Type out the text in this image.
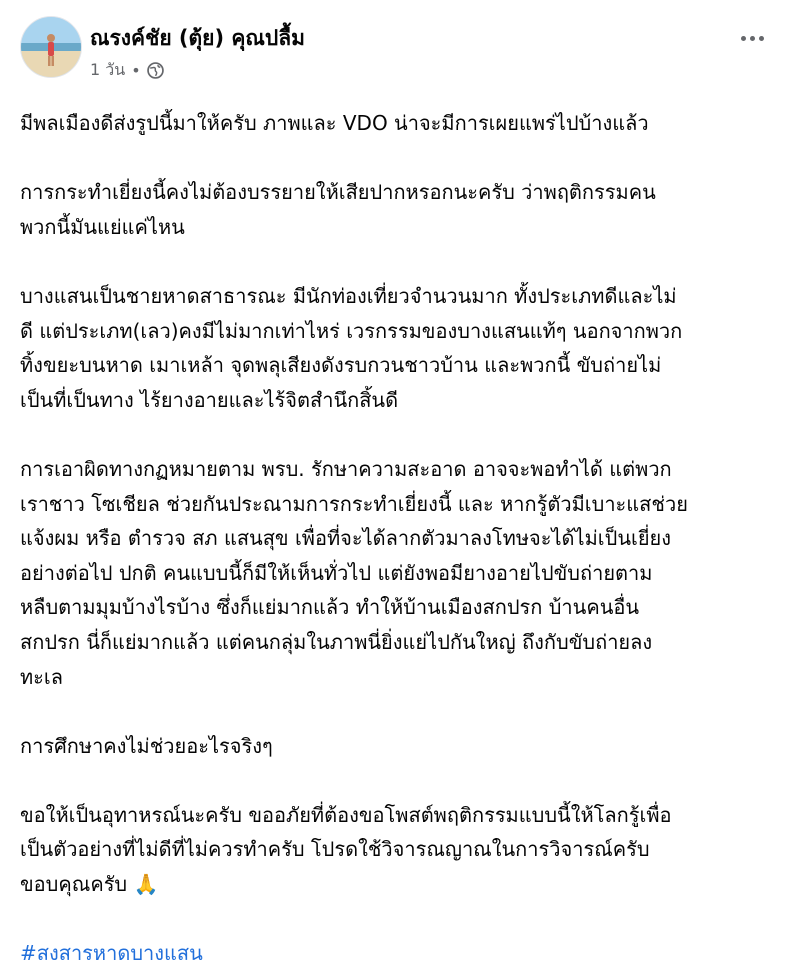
ณรงค์ชัย (ตุ้ย) คุณปลื้ม
1 วัน •

มีพลเมืองดีส่งรูปนี้มาให้ครับ ภาพและ VDO น่าจะมีการเผยแพร่ไปบ้างแล้ว

การกระทำเยี่ยงนี้คงไม่ต้องบรรยายให้เสียปากหรอกนะครับ ว่าพฤติกรรมคน
พวกนี้มันแย่แค่ไหน

บางแสนเป็นชายหาดสาธารณะ มีนักท่องเที่ยวจำนวนมาก ทั้งประเภทดีและไม่
ดี แต่ประเภท(เลว)คงมีไม่มากเท่าไหร่ เวรกรรมของบางแสนแท้ๆ นอกจากพวก
ทิ้งขยะบนหาด เมาเหล้า จุดพลุเสียงดังรบกวนชาวบ้าน และพวกนี้ ขับถ่ายไม่
เป็นที่เป็นทาง ไร้ยางอายและไร้จิตสำนึกสิ้นดี

การเอาผิดทางกฏหมายตาม พรบ. รักษาความสะอาด อาจจะพอทำได้ แต่พวก
เราชาว โซเชียล ช่วยกันประณามการกระทำเยี่ยงนี้ และ หากรู้ตัวมีเบาะแสช่วย
แจ้งผม หรือ ตำรวจ สภ แสนสุข เพื่อที่จะได้ลากตัวมาลงโทษจะได้ไม่เป็นเยี่ยง
อย่างต่อไป ปกติ คนแบบนี้ก็มีให้เห็นทั่วไป แต่ยังพอมียางอายไปขับถ่ายตาม
หลืบตามมุมบ้างไรบ้าง ซึ่งก็แย่มากแล้ว ทำให้บ้านเมืองสกปรก บ้านคนอื่น
สกปรก นี่ก็แย่มากแล้ว แต่คนกลุ่มในภาพนี่ยิ่งแย่ไปกันใหญ่ ถึงกับขับถ่ายลง
ทะเล

การศึกษาคงไม่ช่วยอะไรจริงๆ

ขอให้เป็นอุทาหรณ์นะครับ ขออภัยที่ต้องขอโพสต์พฤติกรรมแบบนี้ให้โลกรู้เพื่อ
เป็นตัวอย่างที่ไม่ดีที่ไม่ควรทำครับ โปรดใช้วิจารณญาณในการวิจารณ์ครับ
ขอบคุณครับ 🙏

#สงสารหาดบางแสน
